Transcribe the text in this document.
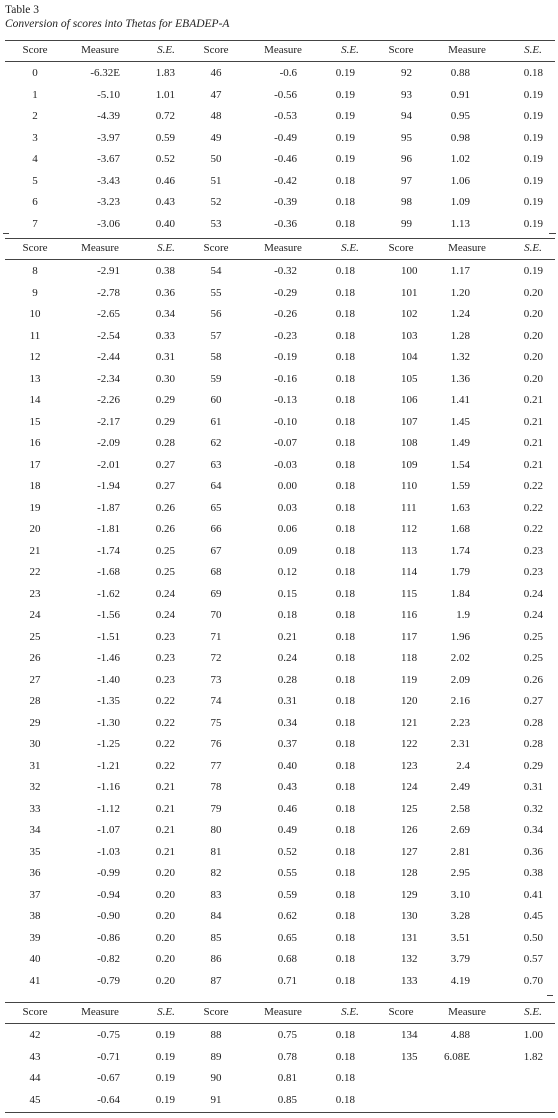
Table 3
Conversion of scores into Thetas for EBADEP-A
Score	Measure	S.E.	Score	Measure	S.E.	Score	Measure	S.E.
0	-6.32E	1.83	46	-0.6	0.19	92	0.88	0.18
1	-5.10	1.01	47	-0.56	0.19	93	0.91	0.19
2	-4.39	0.72	48	-0.53	0.19	94	0.95	0.19
3	-3.97	0.59	49	-0.49	0.19	95	0.98	0.19
4	-3.67	0.52	50	-0.46	0.19	96	1.02	0.19
5	-3.43	0.46	51	-0.42	0.18	97	1.06	0.19
6	-3.23	0.43	52	-0.39	0.18	98	1.09	0.19
7	-3.06	0.40	53	-0.36	0.18	99	1.13	0.19
Score	Measure	S.E.	Score	Measure	S.E.	Score	Measure	S.E.
8	-2.91	0.38	54	-0.32	0.18	100	1.17	0.19
9	-2.78	0.36	55	-0.29	0.18	101	1.20	0.20
10	-2.65	0.34	56	-0.26	0.18	102	1.24	0.20
11	-2.54	0.33	57	-0.23	0.18	103	1.28	0.20
12	-2.44	0.31	58	-0.19	0.18	104	1.32	0.20
13	-2.34	0.30	59	-0.16	0.18	105	1.36	0.20
14	-2.26	0.29	60	-0.13	0.18	106	1.41	0.21
15	-2.17	0.29	61	-0.10	0.18	107	1.45	0.21
16	-2.09	0.28	62	-0.07	0.18	108	1.49	0.21
17	-2.01	0.27	63	-0.03	0.18	109	1.54	0.21
18	-1.94	0.27	64	0.00	0.18	110	1.59	0.22
19	-1.87	0.26	65	0.03	0.18	111	1.63	0.22
20	-1.81	0.26	66	0.06	0.18	112	1.68	0.22
21	-1.74	0.25	67	0.09	0.18	113	1.74	0.23
22	-1.68	0.25	68	0.12	0.18	114	1.79	0.23
23	-1.62	0.24	69	0.15	0.18	115	1.84	0.24
24	-1.56	0.24	70	0.18	0.18	116	1.9	0.24
25	-1.51	0.23	71	0.21	0.18	117	1.96	0.25
26	-1.46	0.23	72	0.24	0.18	118	2.02	0.25
27	-1.40	0.23	73	0.28	0.18	119	2.09	0.26
28	-1.35	0.22	74	0.31	0.18	120	2.16	0.27
29	-1.30	0.22	75	0.34	0.18	121	2.23	0.28
30	-1.25	0.22	76	0.37	0.18	122	2.31	0.28
31	-1.21	0.22	77	0.40	0.18	123	2.4	0.29
32	-1.16	0.21	78	0.43	0.18	124	2.49	0.31
33	-1.12	0.21	79	0.46	0.18	125	2.58	0.32
34	-1.07	0.21	80	0.49	0.18	126	2.69	0.34
35	-1.03	0.21	81	0.52	0.18	127	2.81	0.36
36	-0.99	0.20	82	0.55	0.18	128	2.95	0.38
37	-0.94	0.20	83	0.59	0.18	129	3.10	0.41
38	-0.90	0.20	84	0.62	0.18	130	3.28	0.45
39	-0.86	0.20	85	0.65	0.18	131	3.51	0.50
40	-0.82	0.20	86	0.68	0.18	132	3.79	0.57
41	-0.79	0.20	87	0.71	0.18	133	4.19	0.70
Score	Measure	S.E.	Score	Measure	S.E.	Score	Measure	S.E.
42	-0.75	0.19	88	0.75	0.18	134	4.88	1.00
43	-0.71	0.19	89	0.78	0.18	135 6.08E	1.82
44	-0.67	0.19	90	0.81	0.18
45	-0.64	0.19	91	0.85	0.18
